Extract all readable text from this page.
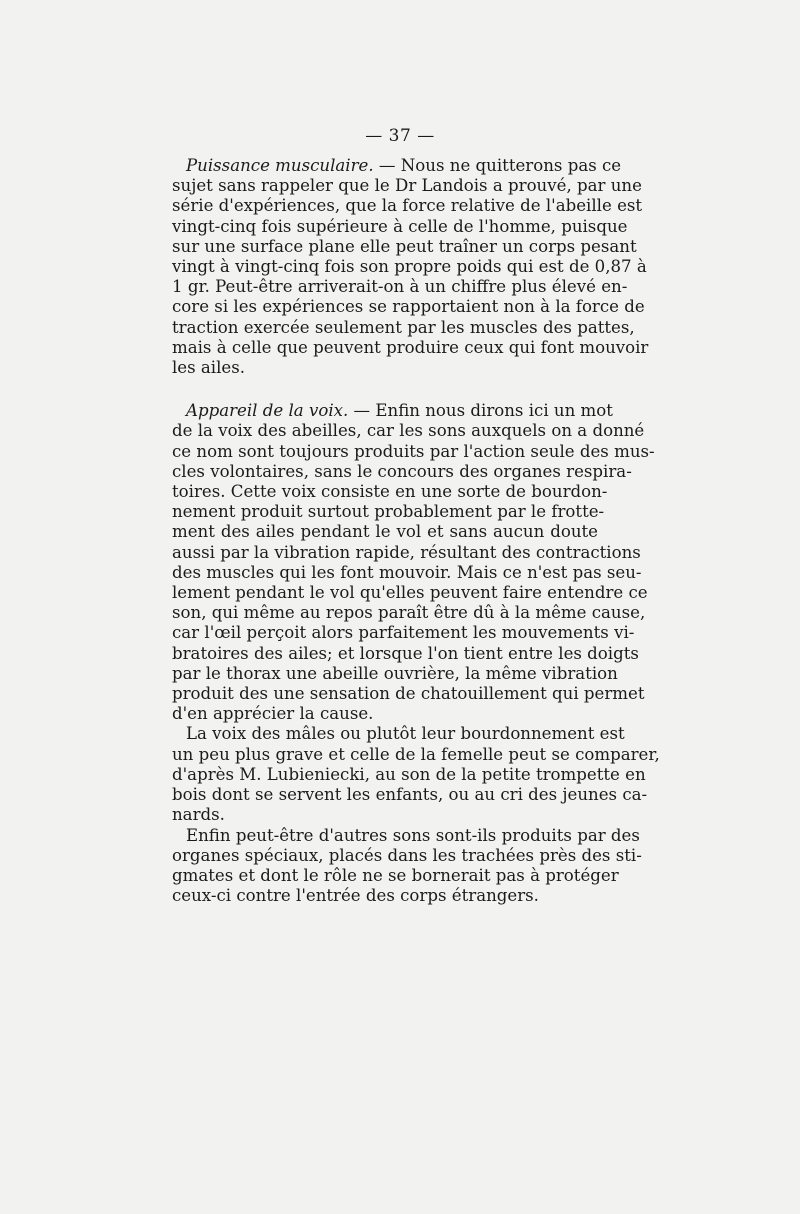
— 37 —
Puissance musculaire. — Nous ne quitterons pas ce
sujet sans rappeler que le Dr Landois a prouvé, par une
série d'expériences, que la force relative de l'abeille est
vingt-cinq fois supérieure à celle de l'homme, puisque
sur une surface plane elle peut traîner un corps pesant
vingt à vingt-cinq fois son propre poids qui est de 0,87 à
1 gr. Peut-être arriverait-on à un chiffre plus élevé en-
core si les expériences se rapportaient non à la force de
traction exercée seulement par les muscles des pattes,
mais à celle que peuvent produire ceux qui font mouvoir
les ailes.
Appareil de la voix. — Enfin nous dirons ici un mot
de la voix des abeilles, car les sons auxquels on a donné
ce nom sont toujours produits par l'action seule des mus-
cles volontaires, sans le concours des organes respira-
toires. Cette voix consiste en une sorte de bourdon-
nement produit surtout probablement par le frotte-
ment des ailes pendant le vol et sans aucun doute
aussi par la vibration rapide, résultant des contractions
des muscles qui les font mouvoir. Mais ce n'est pas seu-
lement pendant le vol qu'elles peuvent faire entendre ce
son, qui même au repos paraît être dû à la même cause,
car l'œil perçoit alors parfaitement les mouvements vi-
bratoires des ailes; et lorsque l'on tient entre les doigts
par le thorax une abeille ouvrière, la même vibration
produit des une sensation de chatouillement qui permet
d'en apprécier la cause.
La voix des mâles ou plutôt leur bourdonnement est
un peu plus grave et celle de la femelle peut se comparer,
d'après M. Lubieniecki, au son de la petite trompette en
bois dont se servent les enfants, ou au cri des jeunes ca-
nards.
Enfin peut-être d'autres sons sont-ils produits par des
organes spéciaux, placés dans les trachées près des sti-
gmates et dont le rôle ne se bornerait pas à protéger
ceux-ci contre l'entrée des corps étrangers.
